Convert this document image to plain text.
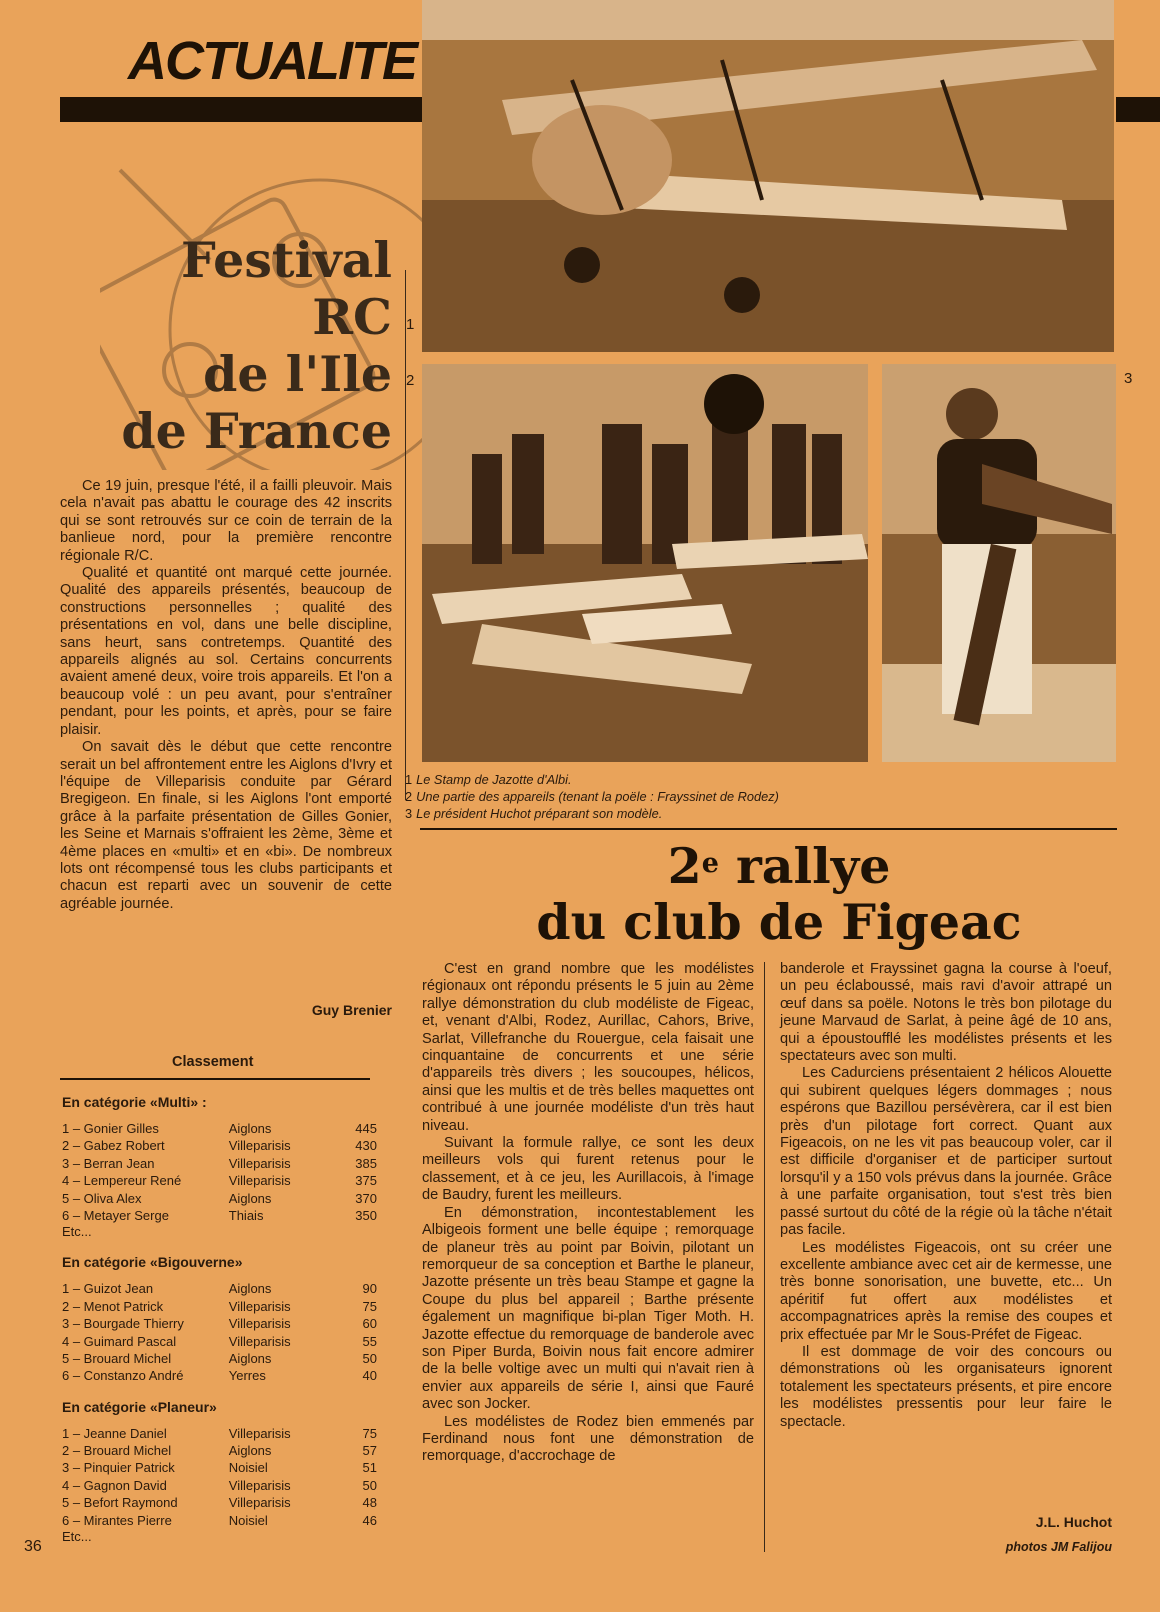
ACTUALITE
Festival
RC
de l'Ile
de France

Ce 19 juin, presque l'été, il a failli pleuvoir. Mais cela n'avait pas abattu le courage des 42 inscrits qui se sont retrouvés sur ce coin de terrain de la banlieue nord, pour la première rencontre régionale R/C.

Qualité et quantité ont marqué cette journée. Qualité des appareils présentés, beaucoup de constructions personnelles ; qualité des présentations en vol, dans une belle discipline, sans heurt, sans contretemps. Quantité des appareils alignés au sol. Certains concurrents avaient amené deux, voire trois appareils. Et l'on a beaucoup volé : un peu avant, pour s'entraîner pendant, pour les points, et après, pour se faire plaisir.

On savait dès le début que cette rencontre serait un bel affrontement entre les Aiglons d'Ivry et l'équipe de Villeparisis conduite par Gérard Bregigeon. En finale, si les Aiglons l'ont emporté grâce à la parfaite présentation de Gilles Gonier, les Seine et Marnais s'offraient les 2ème, 3ème et 4ème places en «multi» et en «bi». De nombreux lots ont récompensé tous les clubs participants et chacun est reparti avec un souvenir de cette agréable journée.

Guy Brenier
Classement
En catégorie «Multi» :
1 – Gonier Gilles	Aiglons	445
2 – Gabez Robert	Villeparisis	430
3 – Berran Jean	Villeparisis	385
4 – Lempereur René	Villeparisis	375
5 – Oliva Alex	Aiglons	370
6 – Metayer Serge	Thiais	350
Etc...
En catégorie «Bigouverne»
1 – Guizot Jean	Aiglons	90
2 – Menot Patrick	Villeparisis	75
3 – Bourgade Thierry	Villeparisis	60
4 – Guimard Pascal	Villeparisis	55
5 – Brouard Michel	Aiglons	50
6 – Constanzo André	Yerres	40
En catégorie «Planeur»
1 – Jeanne Daniel	Villeparisis	75
2 – Brouard Michel	Aiglons	57
3 – Pinquier Patrick	Noisiel	51
4 – Gagnon David	Villeparisis	50
5 – Befort Raymond	Villeparisis	48
6 – Mirantes Pierre	Noisiel	46
Etc...
36
1
2	3
1 Le Stamp de Jazotte d'Albi.
2 Une partie des appareils (tenant la poële : Frayssinet de Rodez)
3 Le président Huchot préparant son modèle.
2e rallye
du club de Figeac

C'est en grand nombre que les modélistes régionaux ont répondu présents le 5 juin au 2ème rallye démonstration du club modéliste de Figeac, et, venant d'Albi, Rodez, Aurillac, Cahors, Brive, Sarlat, Villefranche du Rouergue, cela faisait une cinquantaine de concurrents et une série d'appareils très divers ; les soucoupes, hélicos, ainsi que les multis et de très belles maquettes ont contribué à une journée modéliste d'un très haut niveau.

Suivant la formule rallye, ce sont les deux meilleurs vols qui furent retenus pour le classement, et à ce jeu, les Aurillacois, à l'image de Baudry, furent les meilleurs.

En démonstration, incontestablement les Albigeois forment une belle équipe ; remorquage de planeur très au point par Boivin, pilotant un remorqueur de sa conception et Barthe le planeur, Jazotte présente un très beau Stampe et gagne la Coupe du plus bel appareil ; Barthe présente également un magnifique bi-plan Tiger Moth. H. Jazotte effectue du remorquage de banderole avec son Piper Burda, Boivin nous fait encore admirer de la belle voltige avec un multi qui n'avait rien à envier aux appareils de série I, ainsi que Fauré avec son Jocker.

Les modélistes de Rodez bien emmenés par Ferdinand nous font une démonstration de remorquage, d'accrochage de

banderole et Frayssinet gagna la course à l'oeuf, un peu éclaboussé, mais ravi d'avoir attrapé un œuf dans sa poële. Notons le très bon pilotage du jeune Marvaud de Sarlat, à peine âgé de 10 ans, qui a époustoufflé les modélistes présents et les spectateurs avec son multi.

Les Cadurciens présentaient 2 hélicos Alouette qui subirent quelques légers dommages ; nous espérons que Bazillou persévèrera, car il est bien près d'un pilotage fort correct. Quant aux Figeacois, on ne les vit pas beaucoup voler, car il est difficile d'organiser et de participer surtout lorsqu'il y a 150 vols prévus dans la journée. Grâce à une parfaite organisation, tout s'est très bien passé surtout du côté de la régie où la tâche n'était pas facile.

Les modélistes Figeacois, ont su créer une excellente ambiance avec cet air de kermesse, une très bonne sonorisation, une buvette, etc... Un apéritif fut offert aux modélistes et accompagnatrices après la remise des coupes et prix effectuée par Mr le Sous-Préfet de Figeac.

Il est dommage de voir des concours ou démonstrations où les organisateurs ignorent totalement les spectateurs présents, et pire encore les modélistes pressentis pour leur faire le spectacle.

J.L. Huchot
photos JM Falijou
